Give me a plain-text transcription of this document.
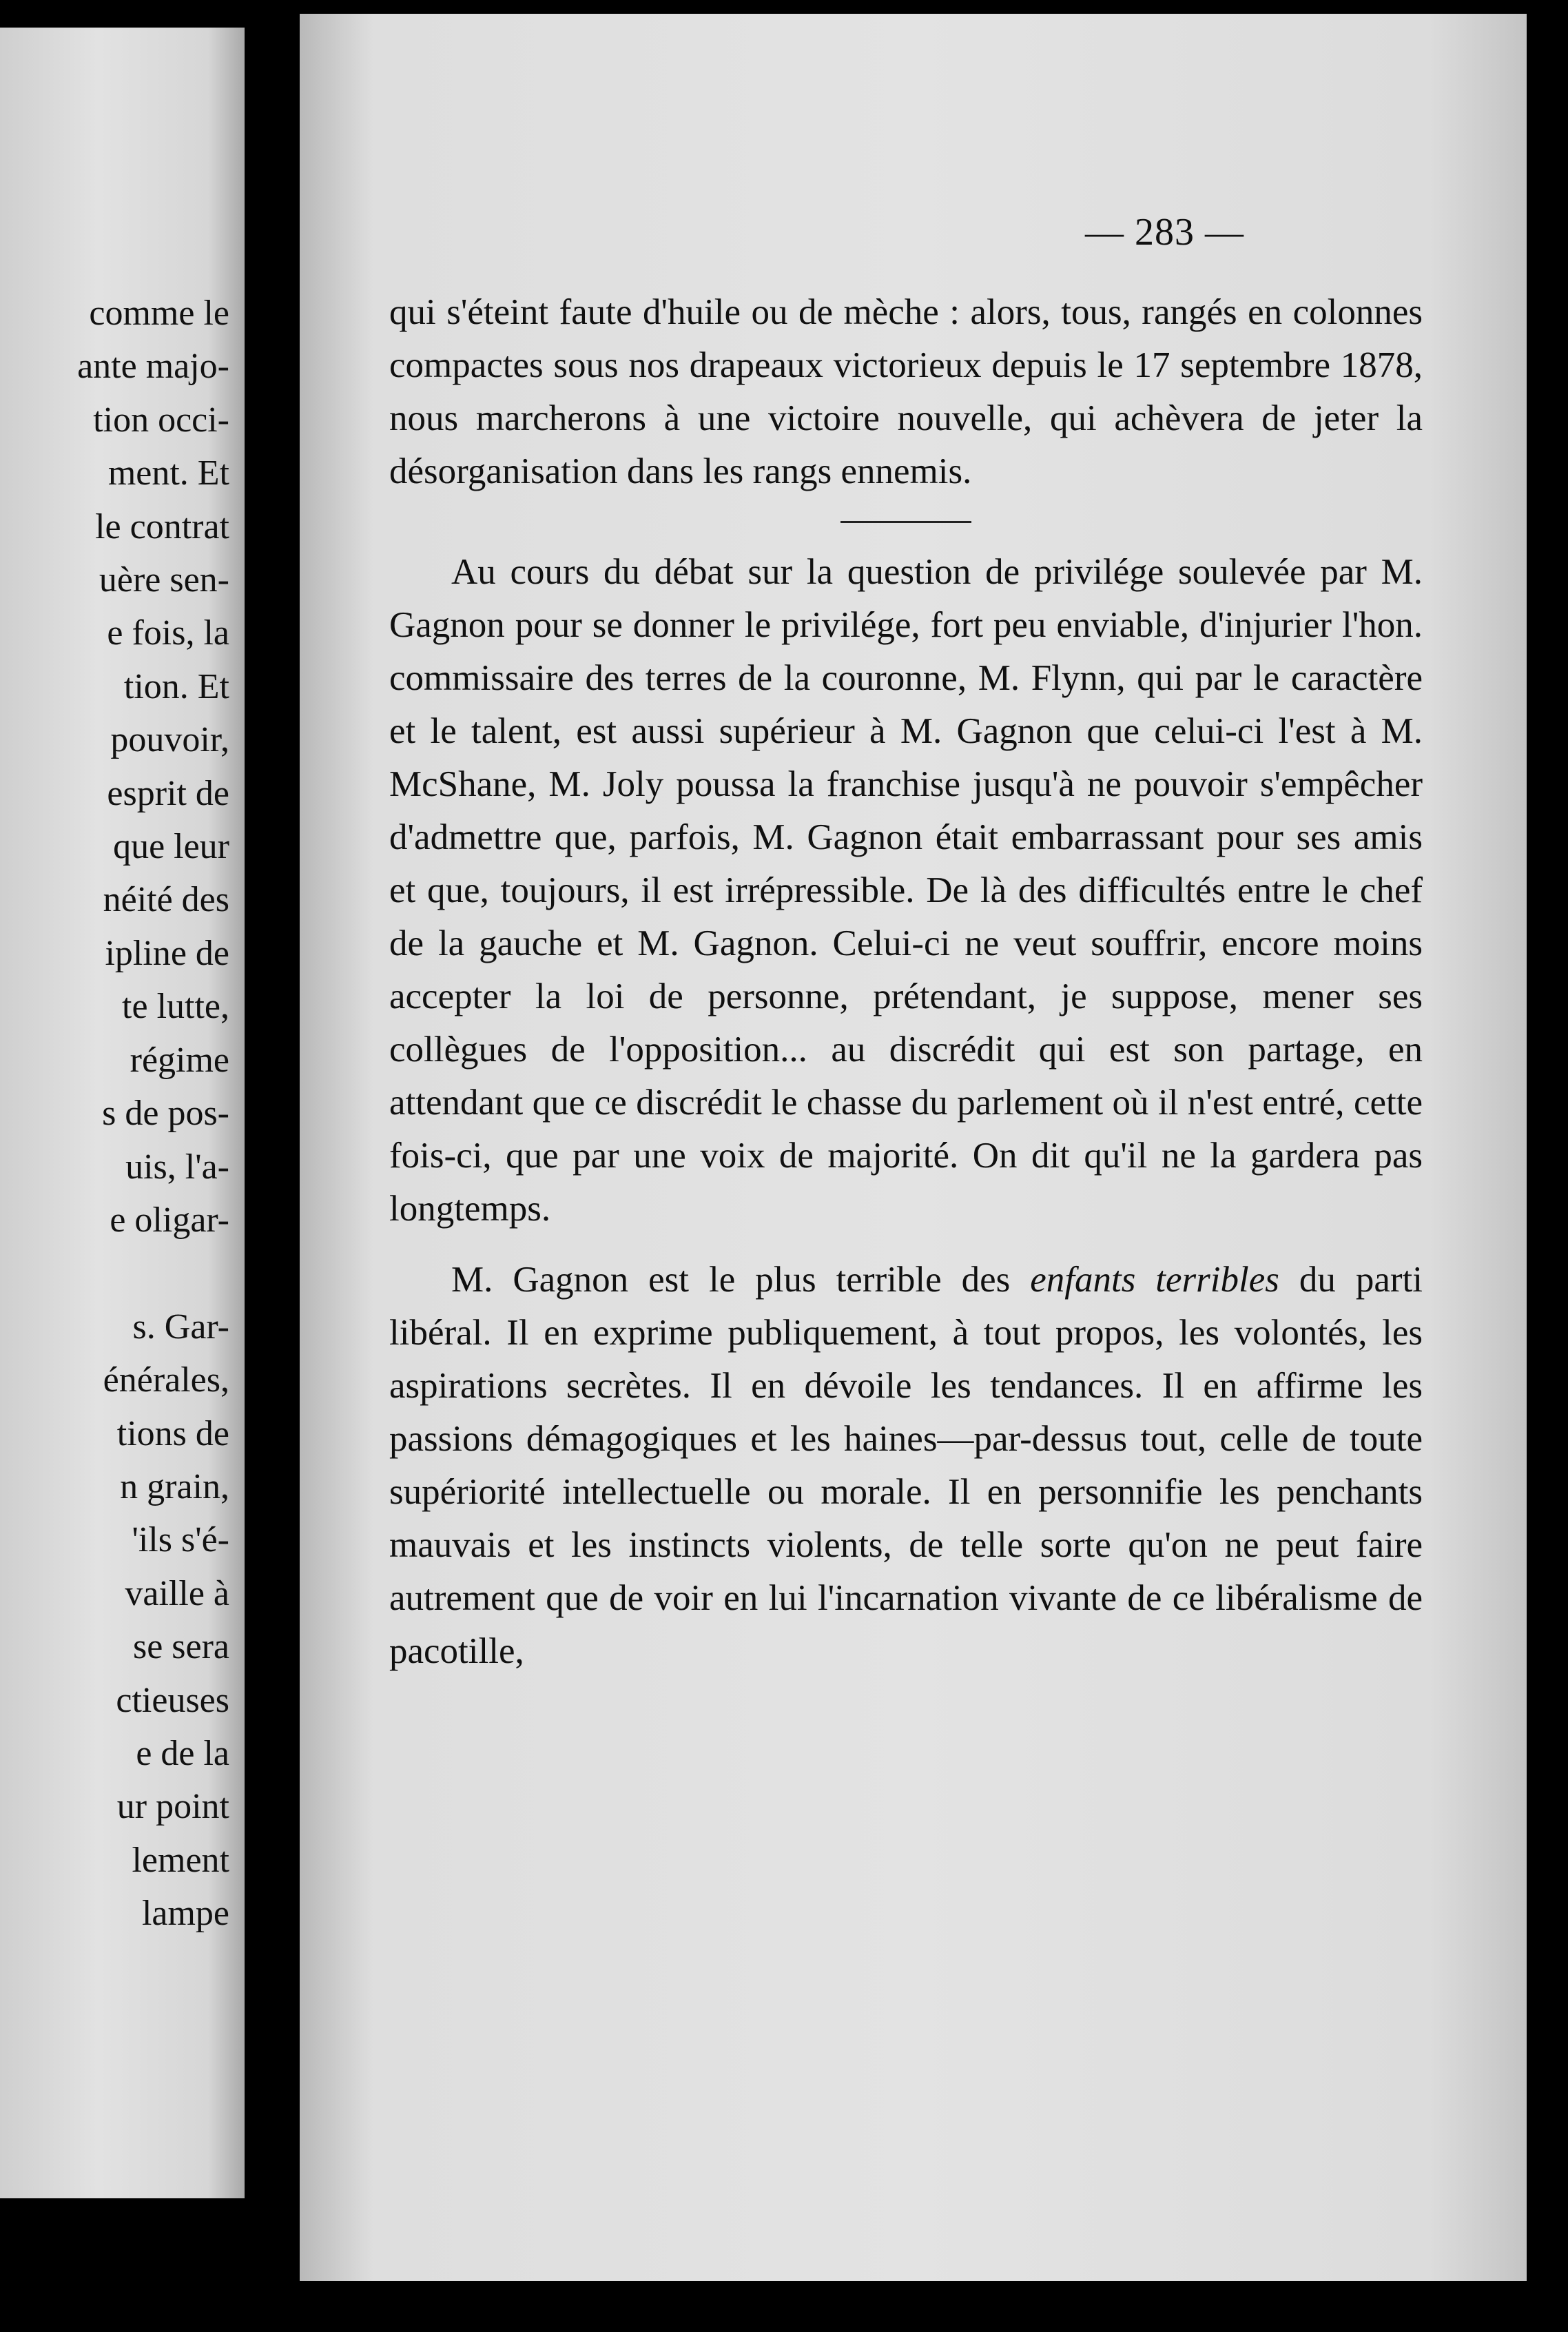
comme le
ante majo-
tion occi-
ment. Et
le contrat
uère sen-
e fois, la
tion. Et
pouvoir,
esprit de
que leur
néité des
ipline de
te lutte,
régime
s de pos-
uis, l'a-
e oligar-

s. Gar-
énérales,
tions de
n grain,
'ils s'é-
vaille à
se sera
ctieuses
e de la
ur point
lement
lampe
— 283 —

qui s'éteint faute d'huile ou de mèche : alors, tous, rangés en colonnes compactes sous nos drapeaux victorieux depuis le 17 septembre 1878, nous marcherons à une victoire nouvelle, qui achèvera de jeter la désorganisation dans les rangs ennemis.

Au cours du débat sur la question de privilége soulevée par M. Gagnon pour se donner le privilége, fort peu enviable, d'injurier l'hon. commissaire des terres de la couronne, M. Flynn, qui par le caractère et le talent, est aussi supérieur à M. Gagnon que celui-ci l'est à M. McShane, M. Joly poussa la franchise jusqu'à ne pouvoir s'empêcher d'admettre que, parfois, M. Gagnon était embarrassant pour ses amis et que, toujours, il est irrépressible. De là des difficultés entre le chef de la gauche et M. Gagnon. Celui-ci ne veut souffrir, encore moins accepter la loi de personne, prétendant, je suppose, mener ses collègues de l'opposition... au discrédit qui est son partage, en attendant que ce discrédit le chasse du parlement où il n'est entré, cette fois-ci, que par une voix de majorité. On dit qu'il ne la gardera pas longtemps.

M. Gagnon est le plus terrible des enfants terribles du parti libéral. Il en exprime publiquement, à tout propos, les volontés, les aspirations secrètes. Il en dévoile les tendances. Il en affirme les passions démagogiques et les haines—par-dessus tout, celle de toute supériorité intellectuelle ou morale. Il en personnifie les penchants mauvais et les instincts violents, de telle sorte qu'on ne peut faire autrement que de voir en lui l'incarnation vivante de ce libéralisme de pacotille,
